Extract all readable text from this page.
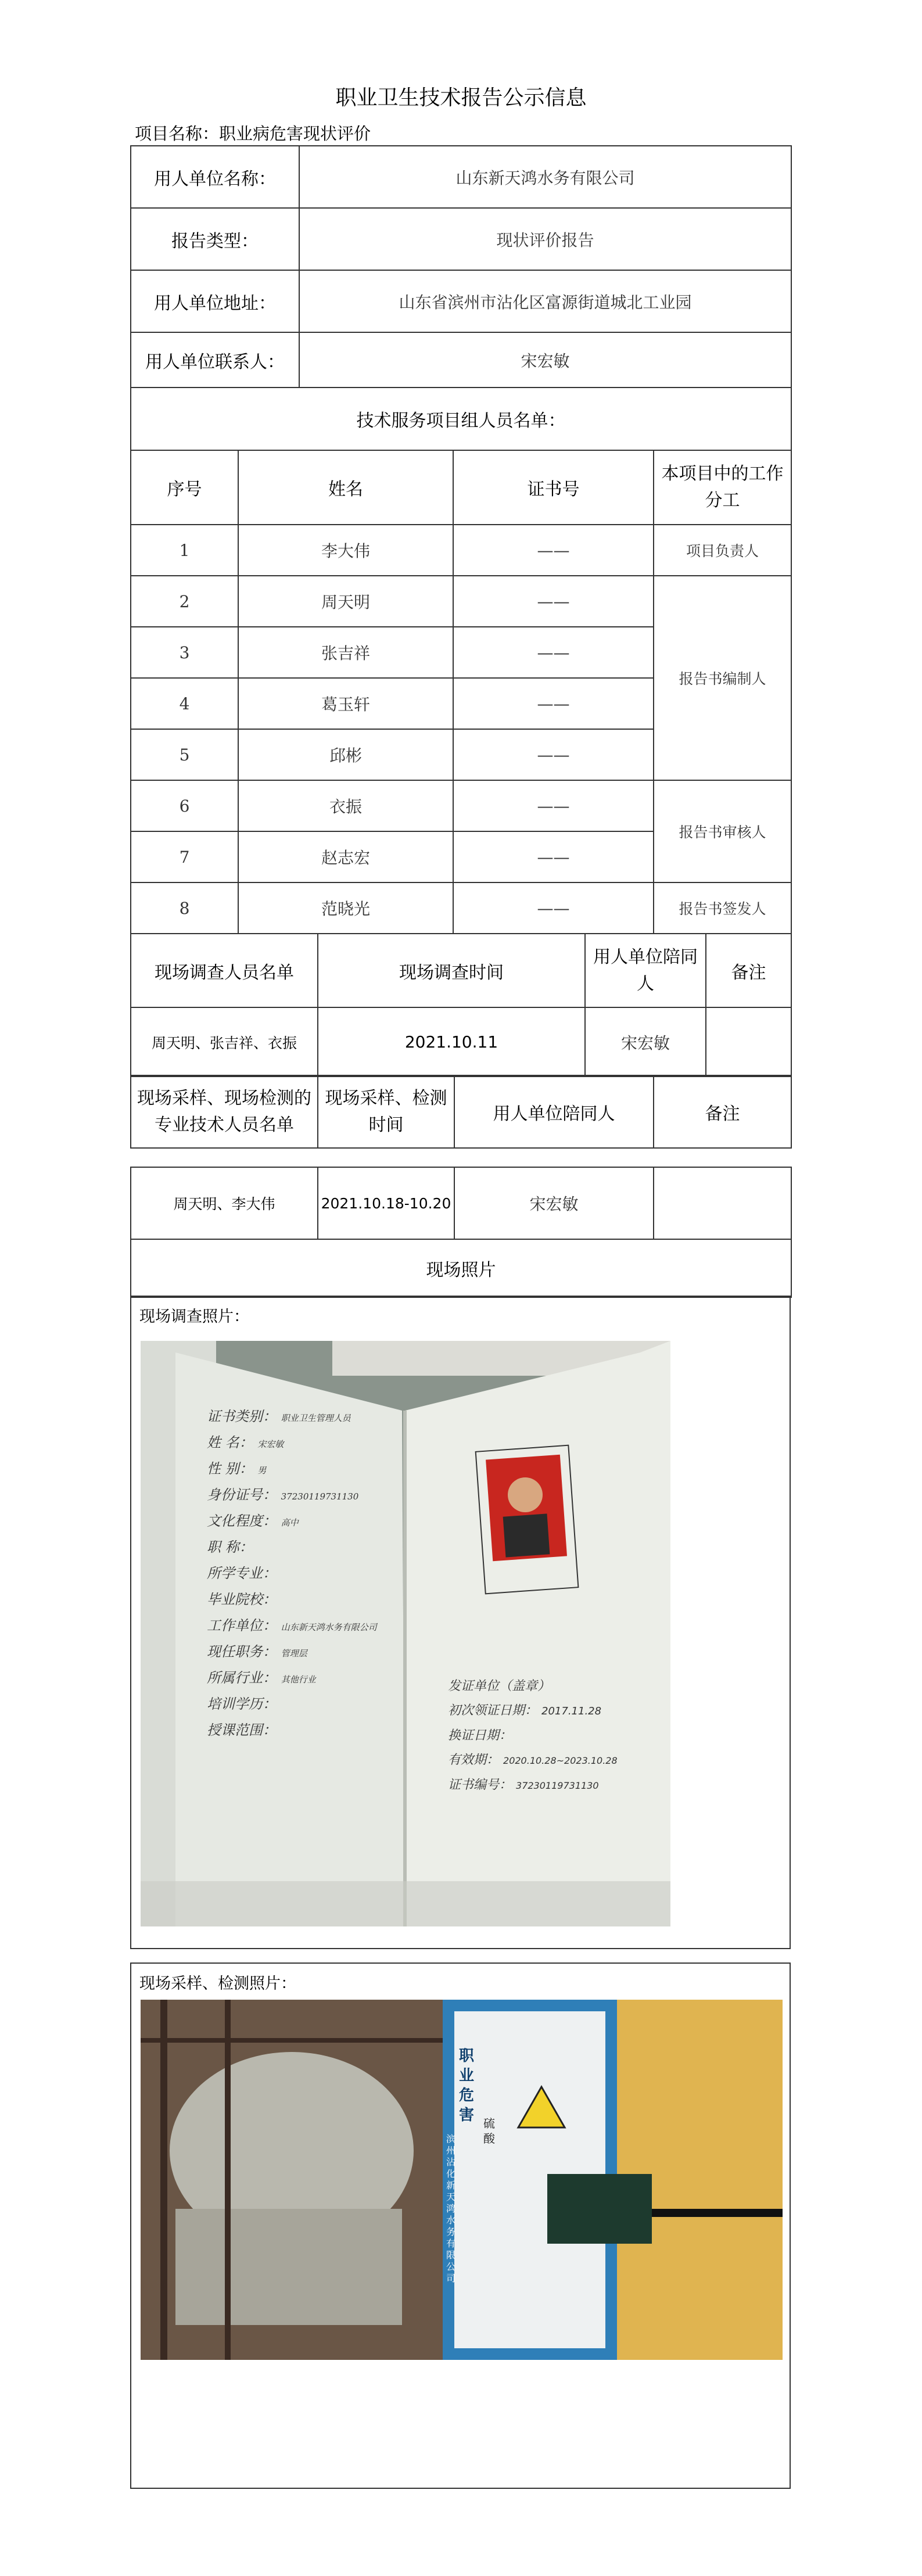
职业卫生技术报告公示信息
项目名称：职业病危害现状评价
用人单位名称：	山东新天鸿水务有限公司
报告类型：	现状评价报告
用人单位地址：	山东省滨州市沾化区富源街道城北工业园
用人单位联系人：	宋宏敏
技术服务项目组人员名单：	
序号	姓名	证书号	本项目中的工作分工
1	李大伟	——	项目负责人
2	周天明	——	报告书编制人
3	张吉祥	——	
4	葛玉轩	——	
5	邱彬	——	
6	衣振	——	报告书审核人
7	赵志宏	——	
8	范晓光	——	报告书签发人
现场调查人员名单	现场调查时间	用人单位陪同人	备注
周天明、张吉祥、衣振	2021.10.11	宋宏敏	
现场采样、现场检测的专业技术人员名单	现场采样、检测时间	用人单位陪同人	备注
周天明、李大伟	2021.10.18-10.20	宋宏敏	
现场照片
现场调查照片：
证书类别： 职业卫生管理人员
姓 名： 宋宏敏
性 别： 男
身份证号： 37230119731130
文化程度： 高中
职 称：
所学专业：
毕业院校：
工作单位： 山东新天鸿水务有限公司
现任职务： 管理层
所属行业： 其他行业
培训学历：
授课范围：
发证单位（盖章）
初次领证日期： 2017.11.28
换证日期：
有效期： 2020.10.28~2023.10.28
证书编号： 37230119731130
现场采样、检测照片：
职 业 危 害 硫酸
滨州沾化新天鸿水务有限公司
